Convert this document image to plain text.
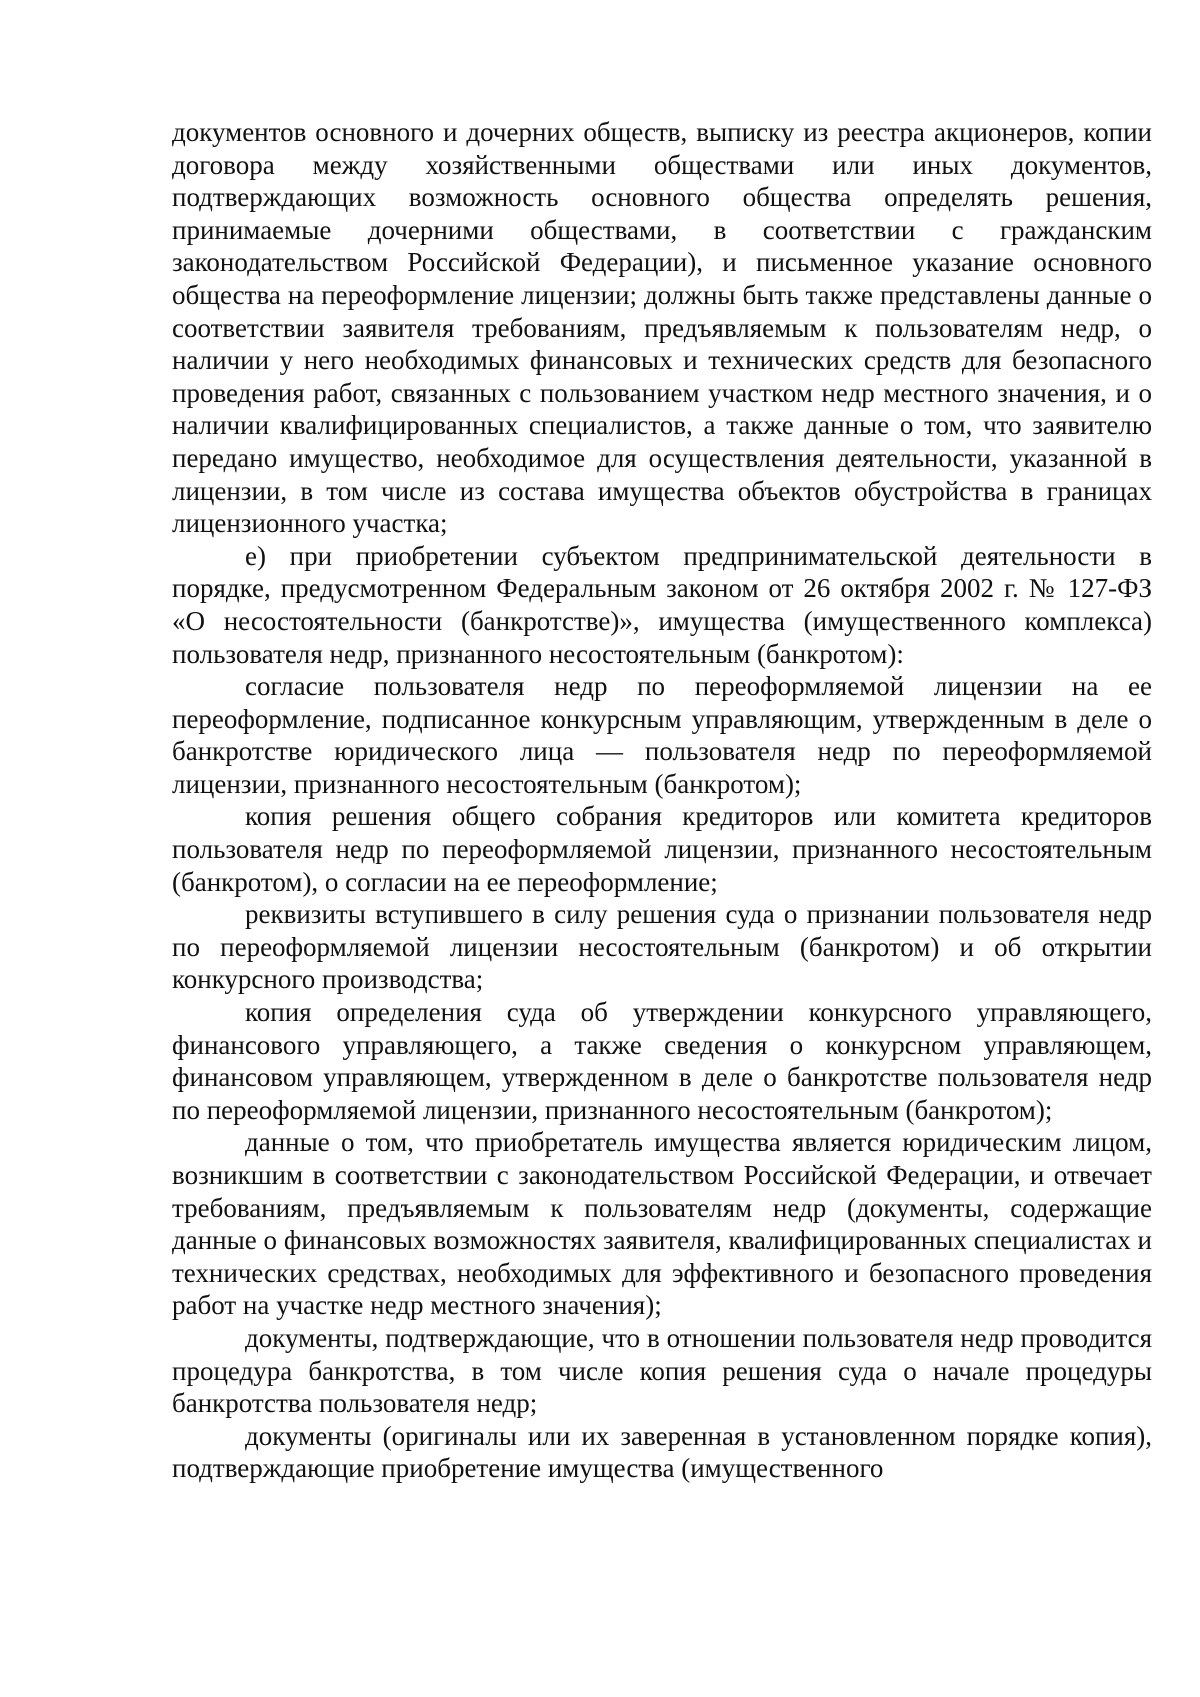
документов основного и дочерних обществ, выписку из реестра акционеров, копии договора между хозяйственными обществами или иных документов, подтверждающих возможность основного общества определять решения, принимаемые дочерними обществами, в соответствии с гражданским законодательством Российской Федерации), и письменное указание основного общества на переоформление лицензии; должны быть также представлены данные о соответствии заявителя требованиям, предъявляемым к пользователям недр, о наличии у него необходимых финансовых и технических средств для безопасного проведения работ, связанных с пользованием участком недр местного значения, и о наличии квалифицированных специалистов, а также данные о том, что заявителю передано имущество, необходимое для осуществления деятельности, указанной в лицензии, в том числе из состава имущества объектов обустройства в границах лицензионного участка;

е) при приобретении субъектом предпринимательской деятельности в порядке, предусмотренном Федеральным законом от 26 октября 2002 г. № 127-ФЗ «О несостоятельности (банкротстве)», имущества (имущественного комплекса) пользователя недр, признанного несостоятельным (банкротом):

согласие пользователя недр по переоформляемой лицензии на ее переоформление, подписанное конкурсным управляющим, утвержденным в деле о банкротстве юридического лица — пользователя недр по переоформляемой лицензии, признанного несостоятельным (банкротом);

копия решения общего собрания кредиторов или комитета кредиторов пользователя недр по переоформляемой лицензии, признанного несостоятельным (банкротом), о согласии на ее переоформление;

реквизиты вступившего в силу решения суда о признании пользователя недр по переоформляемой лицензии несостоятельным (банкротом) и об открытии конкурсного производства;

копия определения суда об утверждении конкурсного управляющего, финансового управляющего, а также сведения о конкурсном управляющем, финансовом управляющем, утвержденном в деле о банкротстве пользователя недр по переоформляемой лицензии, признанного несостоятельным (банкротом);

данные о том, что приобретатель имущества является юридическим лицом, возникшим в соответствии с законодательством Российской Федерации, и отвечает требованиям, предъявляемым к пользователям недр (документы, содержащие данные о финансовых возможностях заявителя, квалифицированных специалистах и технических средствах, необходимых для эффективного и безопасного проведения работ на участке недр местного значения);

документы, подтверждающие, что в отношении пользователя недр проводится процедура банкротства, в том числе копия решения суда о начале процедуры банкротства пользователя недр;

документы (оригиналы или их заверенная в установленном порядке копия), подтверждающие приобретение имущества (имущественного
